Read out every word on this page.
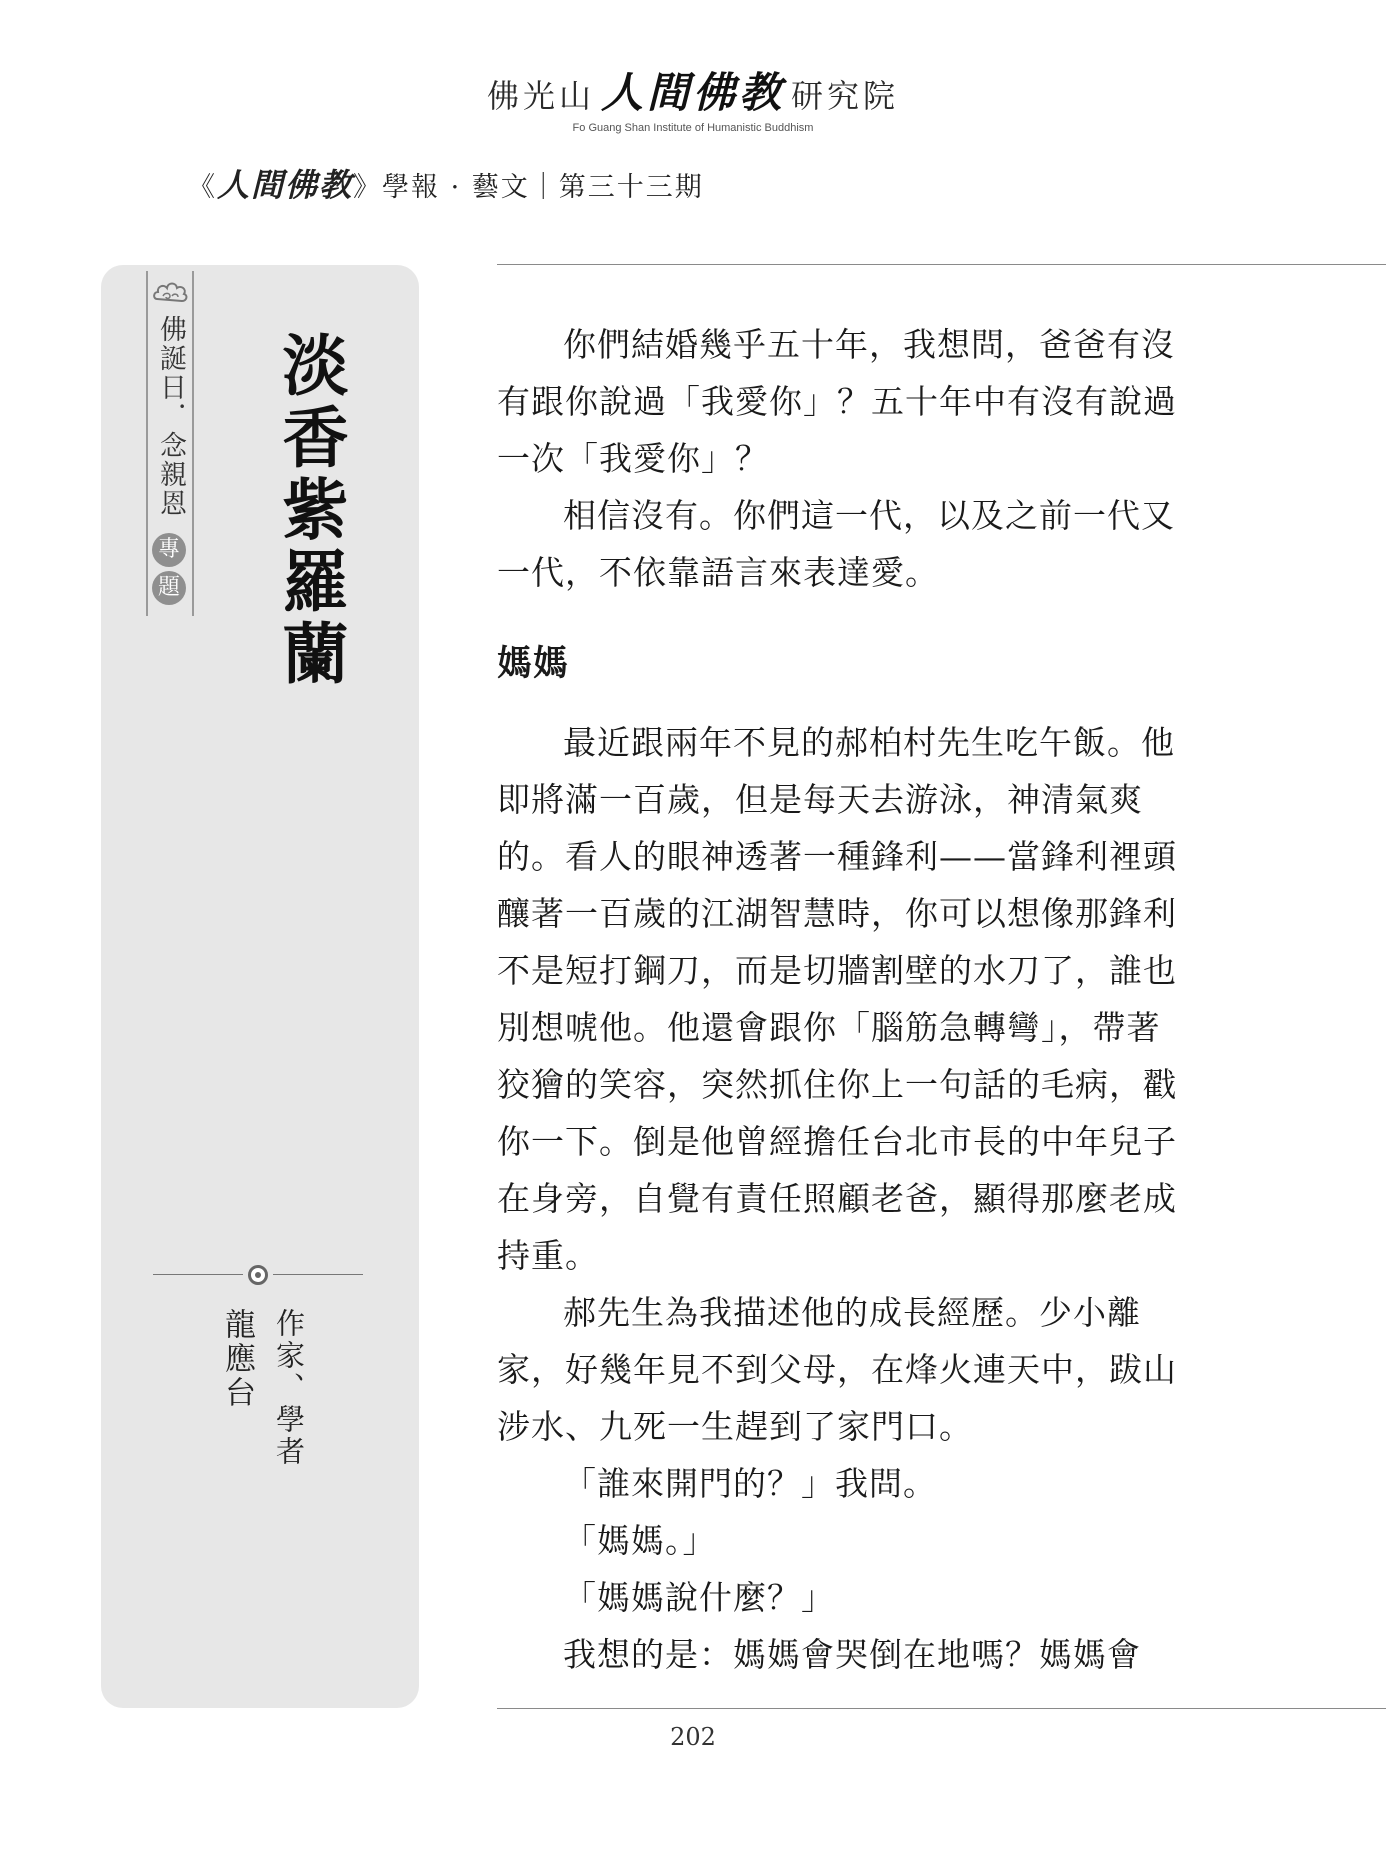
佛光山 人間佛教 研究院
Fo Guang Shan Institute of Humanistic Buddhism
《人間佛教》學報 · 藝文｜第三十三期
佛誕日．念親恩
專
題 淡香紫羅蘭
作家、學者
龍應台

你們結婚幾乎五十年，我想問，爸爸有沒有跟你說過「我愛你」？五十年中有沒有說過一次「我愛你」？

相信沒有。你們這一代，以及之前一代又一代，不依靠語言來表達愛。

媽媽

最近跟兩年不見的郝柏村先生吃午飯。他即將滿一百歲，但是每天去游泳，神清氣爽的。看人的眼神透著一種鋒利——當鋒利裡頭釀著一百歲的江湖智慧時，你可以想像那鋒利不是短打鋼刀，而是切牆割壁的水刀了，誰也別想唬他。他還會跟你「腦筋急轉彎」，帶著狡獪的笑容，突然抓住你上一句話的毛病，戳你一下。倒是他曾經擔任台北市長的中年兒子在身旁，自覺有責任照顧老爸，顯得那麼老成持重。

郝先生為我描述他的成長經歷。少小離家，好幾年見不到父母，在烽火連天中，跋山涉水、九死一生趕到了家門口。

「誰來開門的？」我問。

「媽媽。」

「媽媽說什麼？」

我想的是：媽媽會哭倒在地嗎？媽媽會

202
